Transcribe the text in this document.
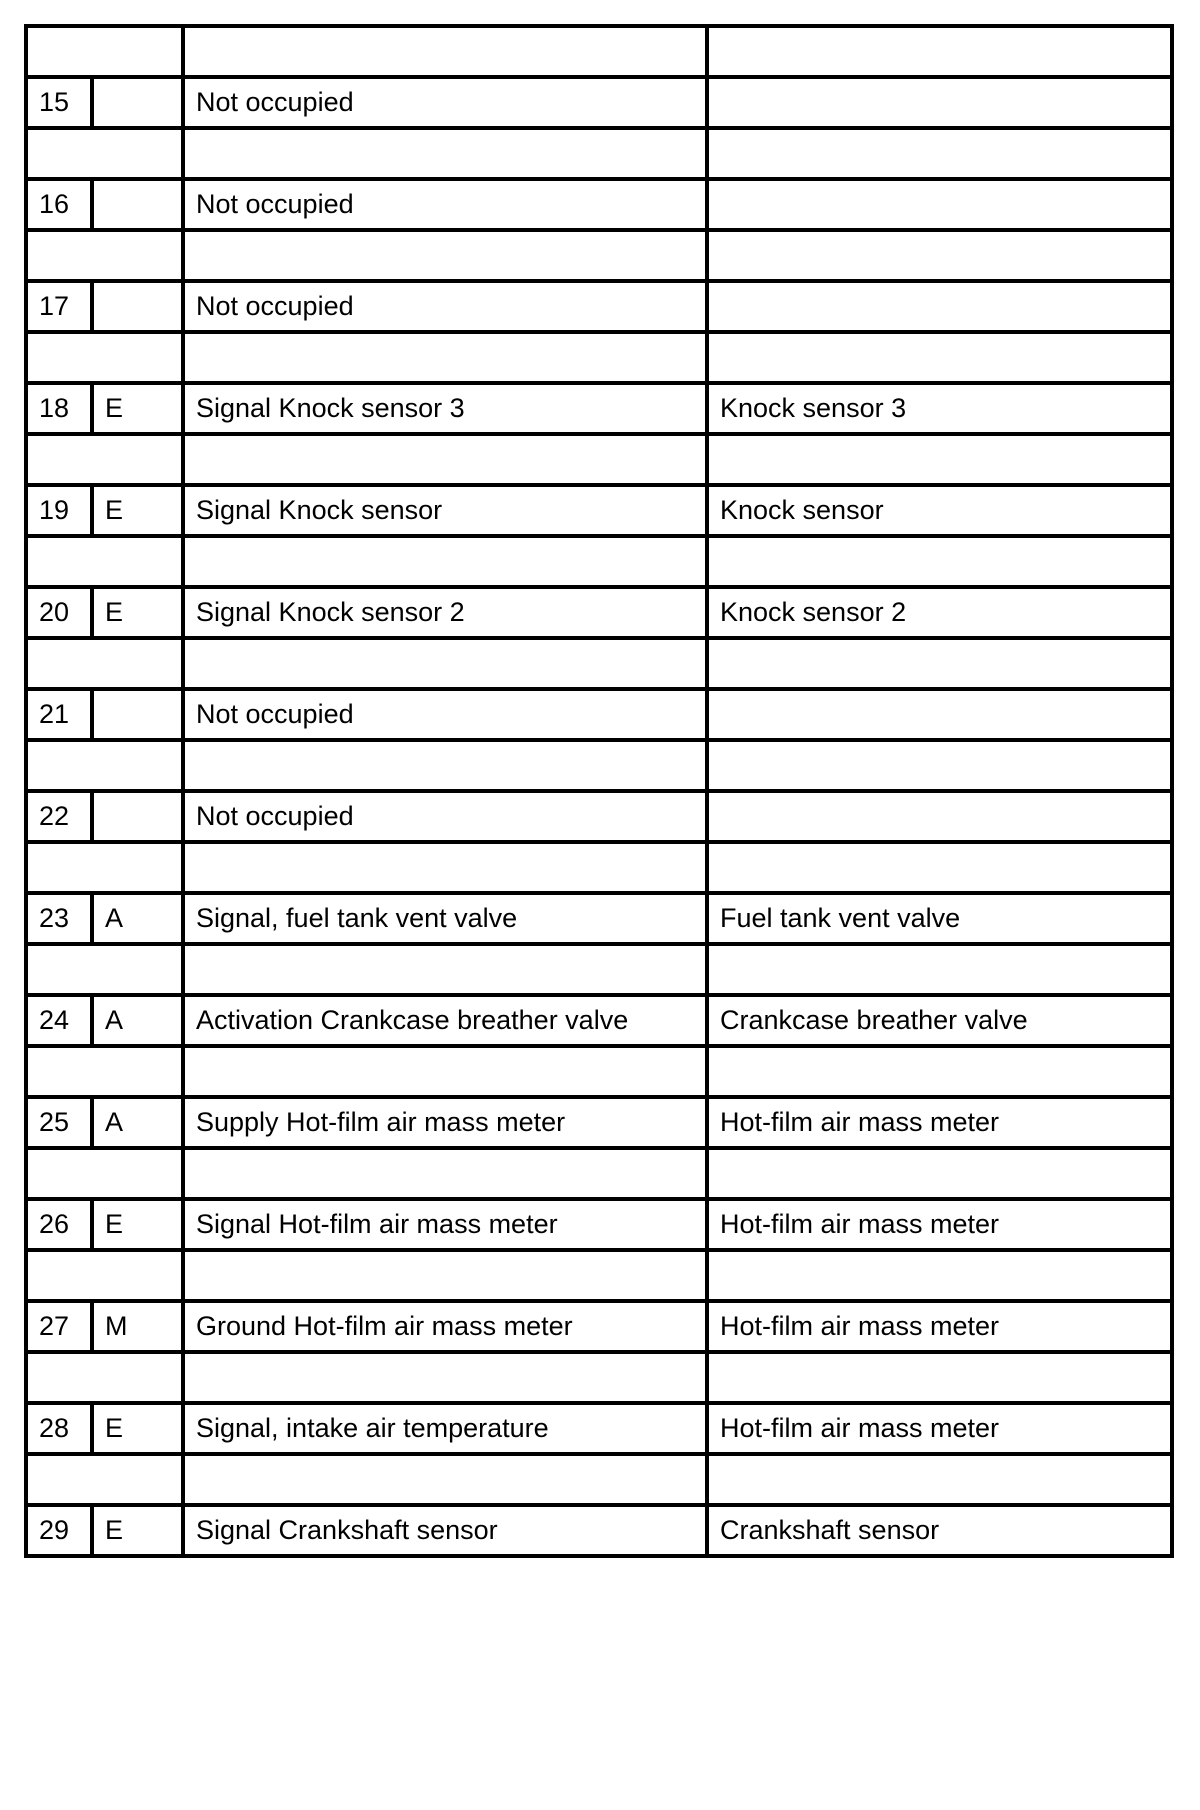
15		Not occupied	

16		Not occupied	

17		Not occupied	

18	E	Signal Knock sensor 3	Knock sensor 3

19	E	Signal Knock sensor	Knock sensor

20	E	Signal Knock sensor 2	Knock sensor 2

21		Not occupied	

22		Not occupied	

23	A	Signal, fuel tank vent valve	Fuel tank vent valve

24	A	Activation Crankcase breather valve	Crankcase breather valve

25	A	Supply Hot-film air mass meter	Hot-film air mass meter

26	E	Signal Hot-film air mass meter	Hot-film air mass meter

27	M	Ground Hot-film air mass meter	Hot-film air mass meter

28	E	Signal, intake air temperature	Hot-film air mass meter

29	E	Signal Crankshaft sensor	Crankshaft sensor
